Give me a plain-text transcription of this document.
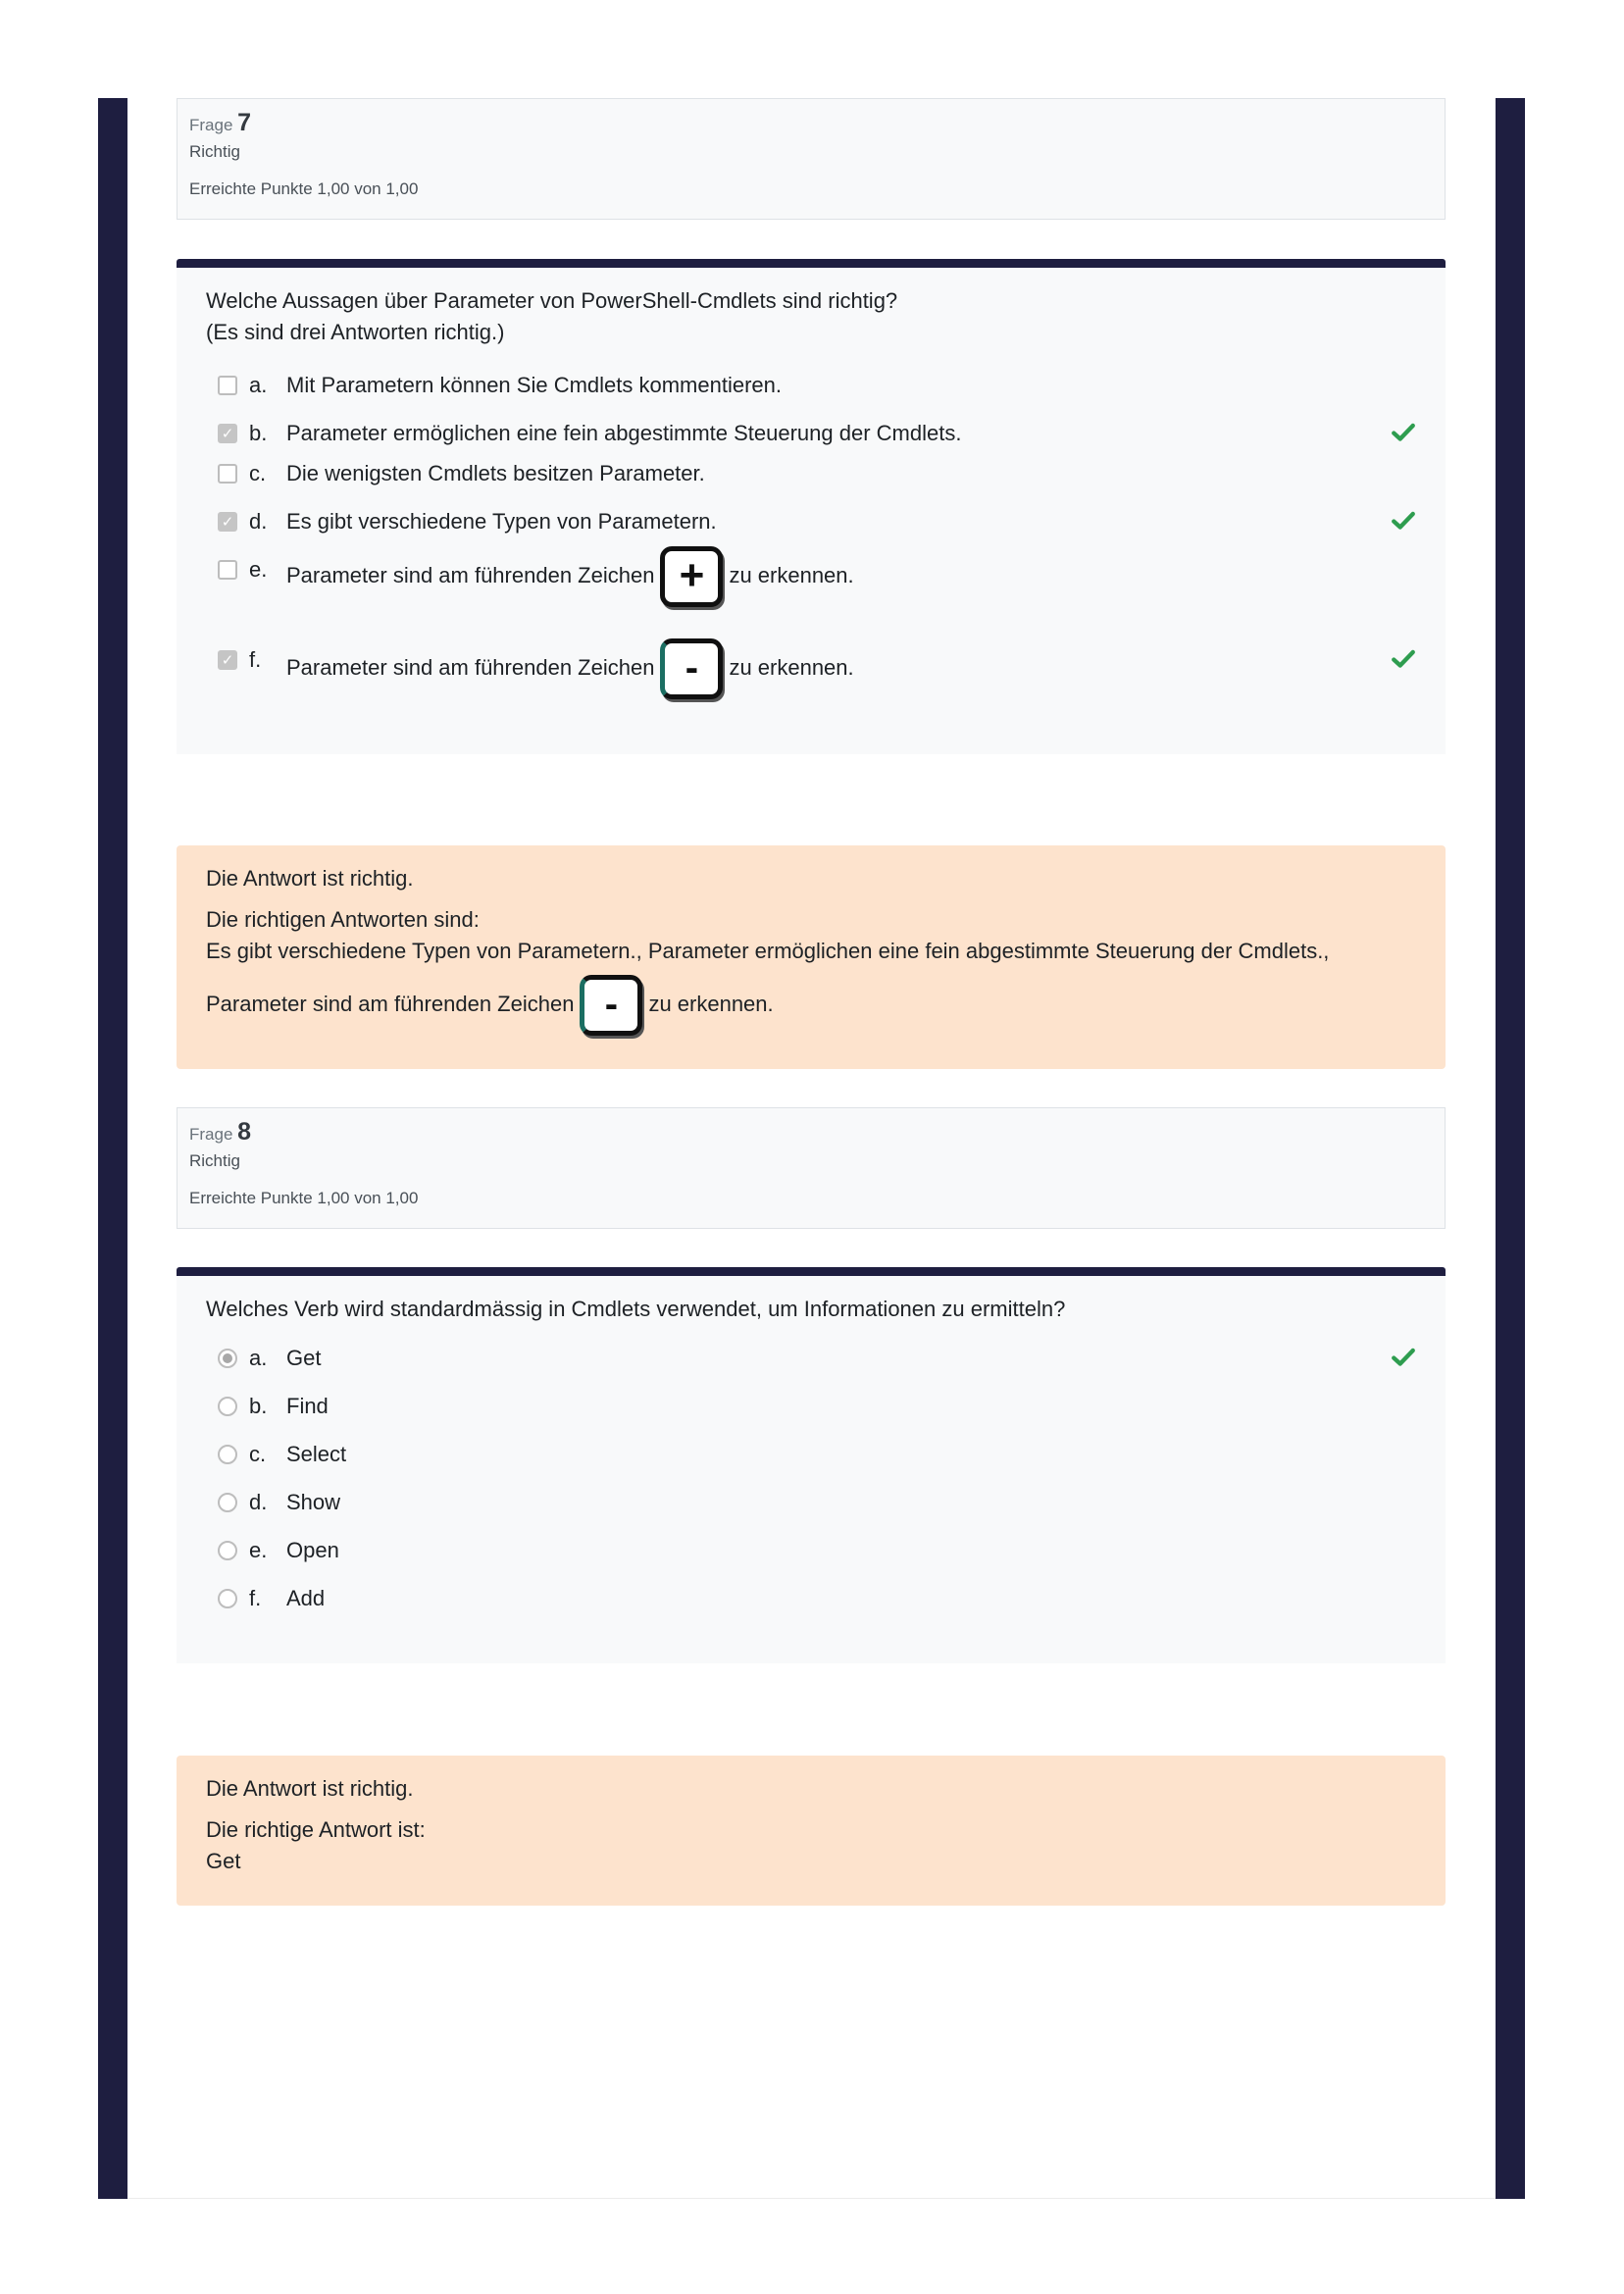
Frage 7
Richtig
Erreichte Punkte 1,00 von 1,00
Welche Aussagen über Parameter von PowerShell-Cmdlets sind richtig?
(Es sind drei Antworten richtig.)
a. Mit Parametern können Sie Cmdlets kommentieren.
✓ b. Parameter ermöglichen eine fein abgestimmte Steuerung der Cmdlets.
c. Die wenigsten Cmdlets besitzen Parameter.
✓ d. Es gibt verschiedene Typen von Parametern.
e. Parameter sind am führenden Zeichen + zu erkennen.
✓ f.	Parameter sind am führenden Zeichen - zu erkennen.
Die Antwort ist richtig.
Die richtigen Antworten sind:
Es gibt verschiedene Typen von Parametern., Parameter ermöglichen eine fein abgestimmte Steuerung der Cmdlets.,
Parameter sind am führenden Zeichen - zu erkennen.
Frage 8
Richtig
Erreichte Punkte 1,00 von 1,00
Welches Verb wird standardmässig in Cmdlets verwendet, um Informationen zu ermitteln?
a. Get
b. Find
c. Select
d. Show
e. Open
f.	Add
Die Antwort ist richtig.
Die richtige Antwort ist:
Get
